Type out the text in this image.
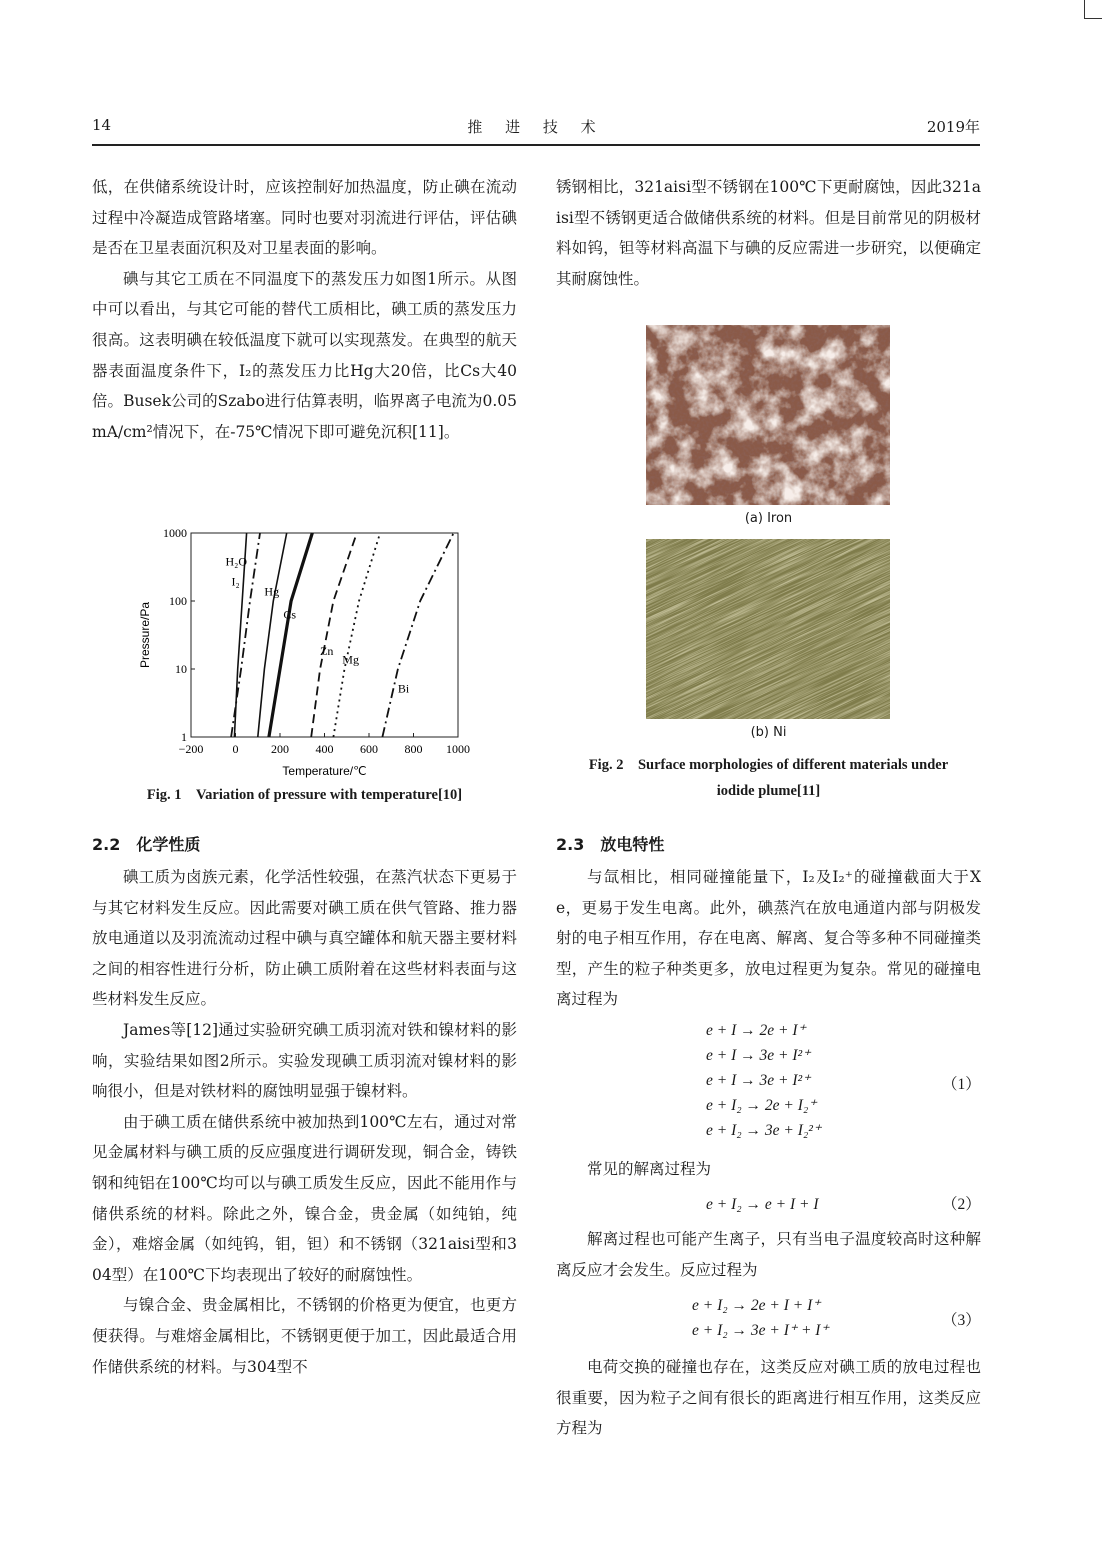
14	推 进 技 术	2019年

低，在供储系统设计时，应该控制好加热温度，防止碘在流动过程中冷凝造成管路堵塞。同时也要对羽流进行评估，评估碘是否在卫星表面沉积及对卫星表面的影响。

碘与其它工质在不同温度下的蒸发压力如图1所示。从图中可以看出，与其它可能的替代工质相比，碘工质的蒸发压力很高。这表明碘在较低温度下就可以实现蒸发。在典型的航天器表面温度条件下，I₂的蒸发压力比Hg大20倍，比Cs大40倍。Busek公司的Szabo进行估算表明，临界离子电流为0.05mA/cm²情况下，在-75℃情况下即可避免沉积[11]。

−200 0	200 400 600 800 1000
1
10
100
1000
Temperature/℃
Pressure/Pa
H₂O
I₂
Hg
Cs
Zn
Mg
Bi
Fig. 1　Variation of pressure with temperature[10]
2.2　化学性质

碘工质为卤族元素，化学活性较强，在蒸汽状态下更易于与其它材料发生反应。因此需要对碘工质在供气管路、推力器放电通道以及羽流流动过程中碘与真空罐体和航天器主要材料之间的相容性进行分析，防止碘工质附着在这些材料表面与这些材料发生反应。

James等[12]通过实验研究碘工质羽流对铁和镍材料的影响，实验结果如图2所示。实验发现碘工质羽流对镍材料的影响很小，但是对铁材料的腐蚀明显强于镍材料。

由于碘工质在储供系统中被加热到100℃左右，通过对常见金属材料与碘工质的反应强度进行调研发现，铜合金，铸铁钢和纯铝在100℃均可以与碘工质发生反应，因此不能用作与储供系统的材料。除此之外，镍合金，贵金属（如纯铂，纯金），难熔金属（如纯钨，钼，钽）和不锈钢（321aisi型和304型）在100℃下均表现出了较好的耐腐蚀性。

与镍合金、贵金属相比，不锈钢的价格更为便宜，也更方便获得。与难熔金属相比，不锈钢更便于加工，因此最适合用作储供系统的材料。与304型不

锈钢相比，321aisi型不锈钢在100℃下更耐腐蚀，因此321aisi型不锈钢更适合做储供系统的材料。但是目前常见的阴极材料如钨，钽等材料高温下与碘的反应需进一步研究，以便确定其耐腐蚀性。

(a) Iron
(b) Ni
Fig. 2　Surface morphologies of different materials under
iodide plume[11]
2.3　放电特性

与氙相比，相同碰撞能量下，I₂及I₂⁺的碰撞截面大于Xe，更易于发生电离。此外，碘蒸汽在放电通道内部与阴极发射的电子相互作用，存在电离、解离、复合等多种不同碰撞类型，产生的粒子种类更多，放电过程更为复杂。常见的碰撞电离过程为

e + I → 2e + I⁺
e + I → 3e + I²⁺
e + I → 3e + I²⁺
e + I₂ → 2e + I₂⁺
e + I₂ → 3e + I₂²⁺
（1）

常见的解离过程为

e + I₂ → e + I + I	（2）

解离过程也可能产生离子，只有当电子温度较高时这种解离反应才会发生。反应过程为

e + I₂ → 2e + I + I⁺
e + I₂ → 3e + I⁺ + I⁺
（3）

电荷交换的碰撞也存在，这类反应对碘工质的放电过程也很重要，因为粒子之间有很长的距离进行相互作用，这类反应方程为
